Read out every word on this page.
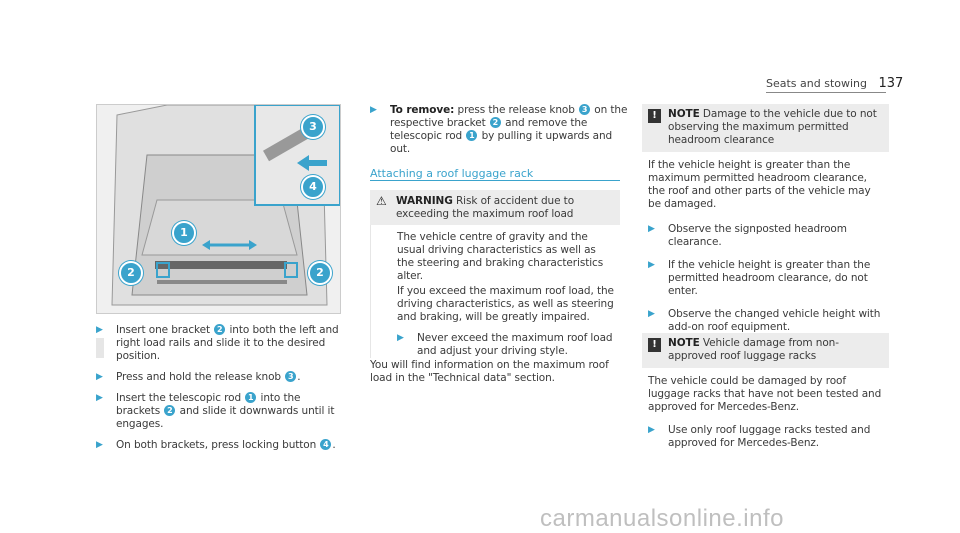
Seats and stowing 137
1
2	2
3
4
▶ Insert one bracket 2 into both the left and right load rails and slide it to the desired position.
▶ Press and hold the release knob 3 .
▶ Insert the telescopic rod 1 into the brackets 2 and slide it downwards until it engages.
▶ On both brackets, press locking button 4 .
▶ To remove: press the release knob 3 on the respective bracket 2 and remove the telescopic rod 1 by pulling it upwards and out.
Attaching a roof luggage rack
⚠ WARNING Risk of accident due to exceeding the maximum roof load
The vehicle centre of gravity and the usual driving characteristics as well as the steering and braking characteristics alter.
If you exceed the maximum roof load, the driving characteristics, as well as steering and braking, will be greatly impaired.
▶ Never exceed the maximum roof load and adjust your driving style.
You will find information on the maximum roof load in the "Technical data" section.
!	NOTE Damage to the vehicle due to not observing the maximum permitted headroom clearance
If the vehicle height is greater than the maximum permitted headroom clearance, the roof and other parts of the vehicle may be damaged.
▶ Observe the signposted headroom clearance.
▶ If the vehicle height is greater than the permitted headroom clearance, do not enter.
▶ Observe the changed vehicle height with add-on roof equipment.
!	NOTE Vehicle damage from non-approved roof luggage racks
The vehicle could be damaged by roof luggage racks that have not been tested and approved for Mercedes-Benz.
▶ Use only roof luggage racks tested and approved for Mercedes-Benz.
carmanualsonline.info
